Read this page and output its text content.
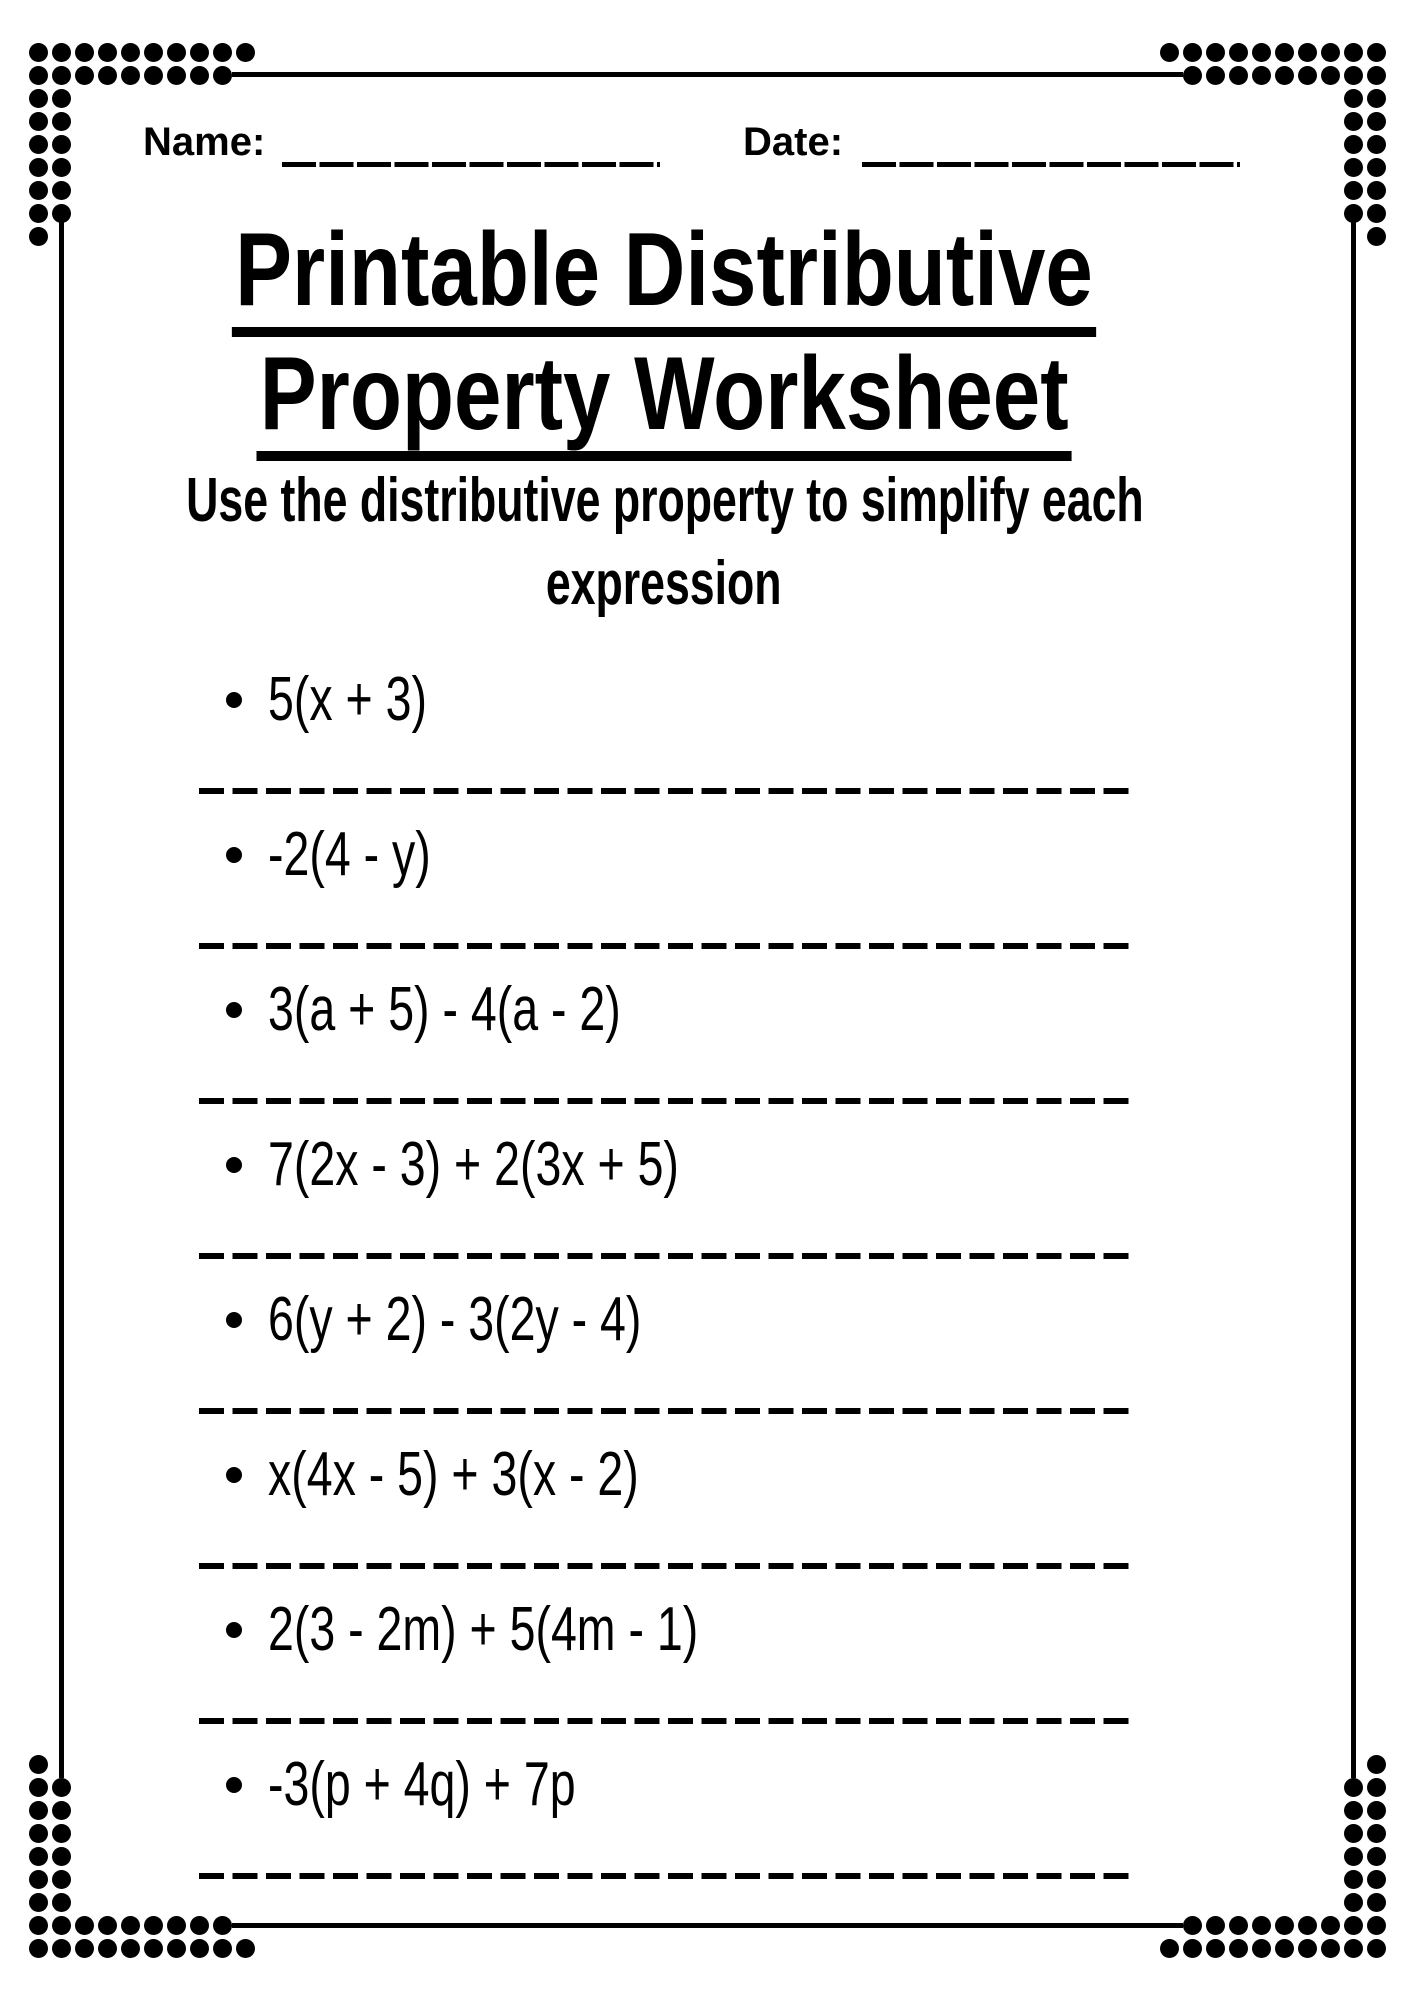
Name:	Date:
Printable Distributive
Property Worksheet
Use the distributive property to simplify each
expression
5(x + 3)
-2(4 - y)
3(a + 5) - 4(a - 2)
7(2x - 3) + 2(3x + 5)
6(y + 2) - 3(2y - 4)
x(4x - 5) + 3(x - 2)
2(3 - 2m) + 5(4m - 1)
-3(p + 4q) + 7p
